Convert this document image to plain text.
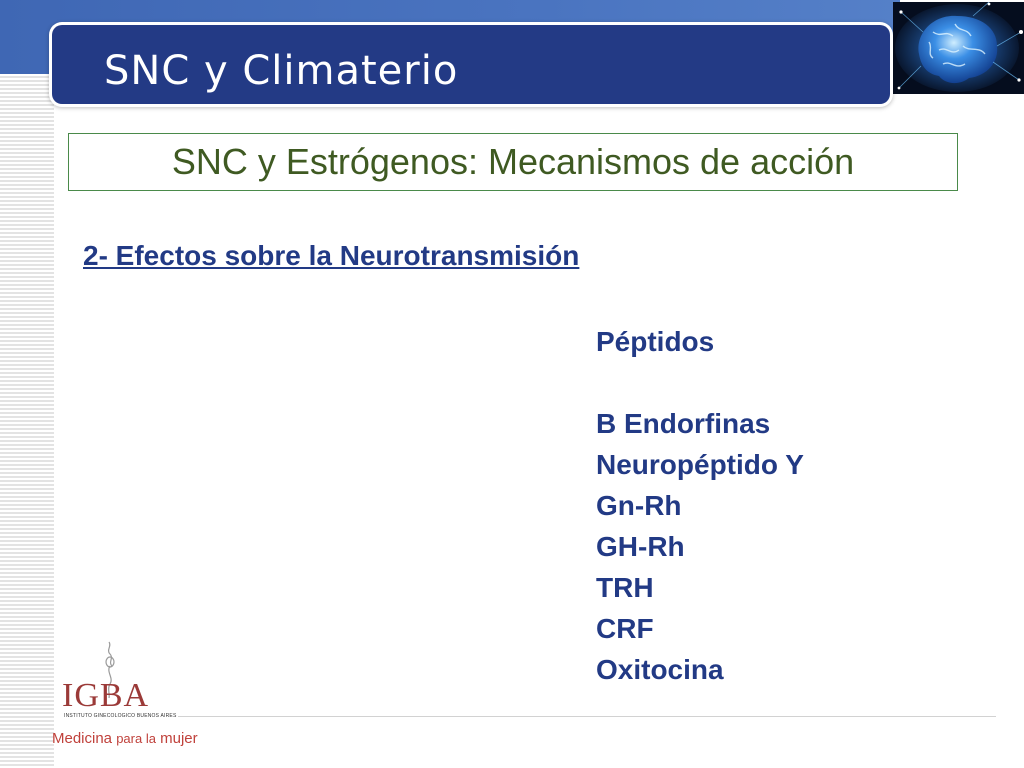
SNC y Climaterio
SNC y Estrógenos: Mecanismos de acción
2- Efectos sobre la Neurotransmisión
Péptidos
B Endorfinas
Neuropéptido Y
Gn-Rh
GH-Rh
TRH
CRF
Oxitocina
IGBA
INSTITUTO GINECOLOGICO BUENOS AIRES
Medicina para la mujer
